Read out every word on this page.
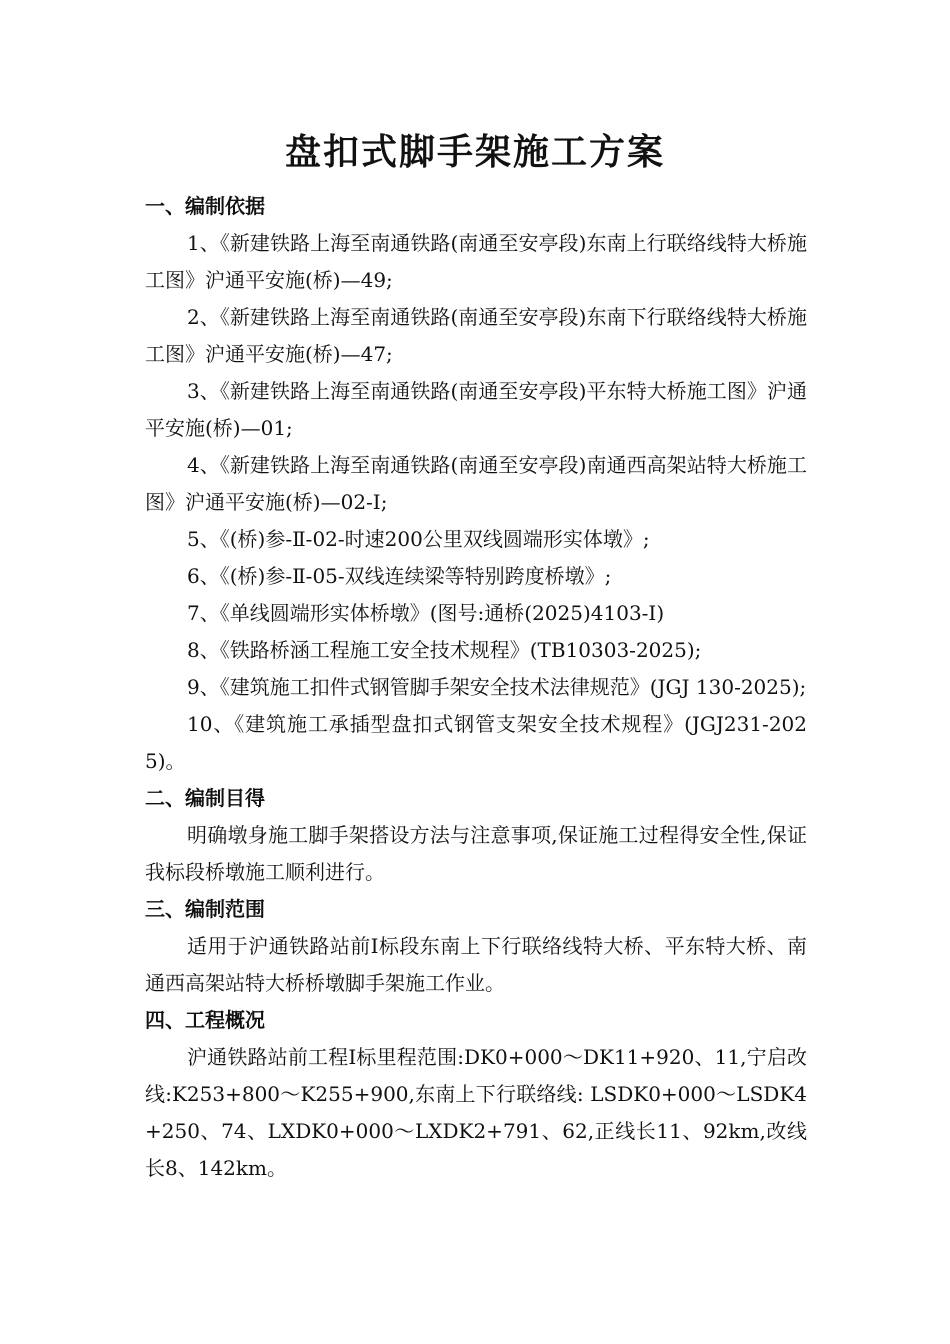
盘扣式脚手架施工方案
一、编制依据

1、《新建铁路上海至南通铁路(南通至安亭段)东南上行联络线特大桥施工图》沪通平安施(桥)—49;

2、《新建铁路上海至南通铁路(南通至安亭段)东南下行联络线特大桥施工图》沪通平安施(桥)—47;

3、《新建铁路上海至南通铁路(南通至安亭段)平东特大桥施工图》沪通平安施(桥)—01;

4、《新建铁路上海至南通铁路(南通至安亭段)南通西高架站特大桥施工图》沪通平安施(桥)—02-I;

5、《(桥)参-Ⅱ-02-时速200公里双线圆端形实体墩》;

6、《(桥)参-Ⅱ-05-双线连续梁等特别跨度桥墩》;

7、《单线圆端形实体桥墩》(图号:通桥(2025)4103-I)

8、《铁路桥涵工程施工安全技术规程》(TB10303-2025);

9、《建筑施工扣件式钢管脚手架安全技术法律规范》(JGJ 130-2025);

10、《建筑施工承插型盘扣式钢管支架安全技术规程》(JGJ231-2025)。

二、编制目得

明确墩身施工脚手架搭设方法与注意事项,保证施工过程得安全性,保证我标段桥墩施工顺利进行。

三、编制范围

适用于沪通铁路站前Ⅰ标段东南上下行联络线特大桥、平东特大桥、南通西高架站特大桥桥墩脚手架施工作业。

四、工程概况

沪通铁路站前工程Ⅰ标里程范围:DK0+000～DK11+920、11,宁启改线:K253+800～K255+900,东南上下行联络线: LSDK0+000～LSDK4+250、74、LXDK0+000～LXDK2+791、62,正线长11、92km,改线长8、142km。
